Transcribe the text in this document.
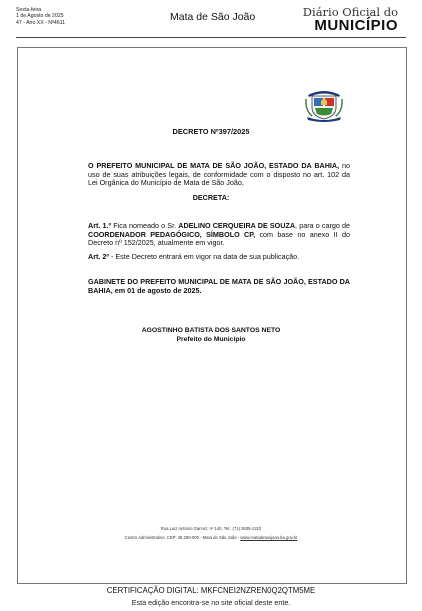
Sexta-feira
1 de Agosto de 2025
47 - Ano XX - Nº4611	Mata de São João	Diário Oficial do
MUNICÍPIO
DECRETO Nº397/2025
O PREFEITO MUNICIPAL DE MATA DE SÃO JOÃO, ESTADO DA BAHIA, no uso de suas atribuições legais, de conformidade com o disposto no art. 102 da Lei Orgânica do Município de Mata de São João,
DECRETA:
Art. 1.º Fica nomeado o Sr. ADELINO CERQUEIRA DE SOUZA, para o cargo de COORDENADOR PEDAGÓGICO, SÍMBOLO CP, com base no anexo II do Decreto nº 152/2025, atualmente em vigor.
Art. 2º - Este Decreto entrará em vigor na data de sua publicação.
GABINETE DO PREFEITO MUNICIPAL DE MATA DE SÃO JOÃO, ESTADO DA BAHIA, em 01 de agosto de 2025.
AGOSTINHO BATISTA DOS SANTOS NETO
Prefeito do Município
Rua Luiz Antonio Garcez, nº 140, Tel.: (71) 3635-1310
Centro Administrativo, CEP: 48.280-000 - Mata de São João - www.matadesaojoao.ba.gov.br
CERTIFICAÇÃO DIGITAL: MKFCNEI2NZREN0Q2QTM5ME
Esta edição encontra-se no site oficial deste ente.
